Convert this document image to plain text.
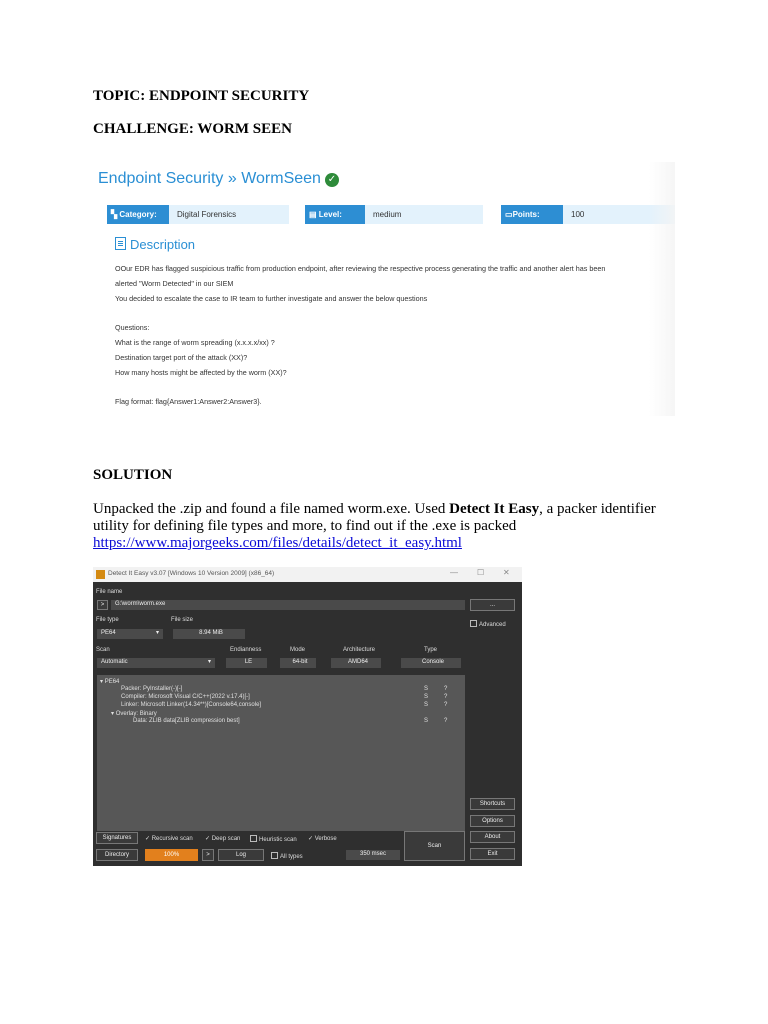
TOPIC: ENDPOINT SECURITY
CHALLENGE: WORM SEEN
Endpoint Security » WormSeen ✓
▚ Category:	Digital Forensics	▤ Level:	medium	▭Points:	100
Description
OOur EDR has flagged suspicious traffic from production endpoint, after reviewing the respective process generating the traffic and another alert has been
alerted "Worm Detected" in our SIEM
You decided to escalate the case to IR team to further investigate and answer the below questions
Questions:
What is the range of worm spreading (x.x.x.x/xx) ?
Destination target port of the attack (XX)?
How many hosts might be affected by the worm (XX)?
Flag format: flag{Answer1:Answer2:Answer3}.
SOLUTION
Unpacked the .zip and found a file named worm.exe. Used Detect It Easy, a packer identifier utility for defining file types and more, to find out if the .exe is packed
https://www.majorgeeks.com/files/details/detect_it_easy.html
Detect It Easy v3.07 [Windows 10 Version 2009] (x86_64)	— ☐ ✕
File name
>	G:\worm\worm.exe	...
File type	File size
PE64	▾	8.94 MiB
Advanced
Scan	Endianness	Mode	Architecture	Type
Automatic	▾	LE	64-bit	AMD64	Console
▾ PE64
Packer: PyInstaller(-)[-]	S	?
Compiler: Microsoft Visual C/C++(2022 v.17.4)[-]	S	?
Linker: Microsoft Linker(14.34**)[Console64,console]	S	?
▾ Overlay: Binary
Data: ZLIB data[ZLIB compression best]	S	?
Shortcuts
Options
About
Exit
Signatures	✓ Recursive scan ✓ Deep scan	Heuristic scan ✓ Verbose
Scan
Directory	100%	>	Log	All types	350 msec
